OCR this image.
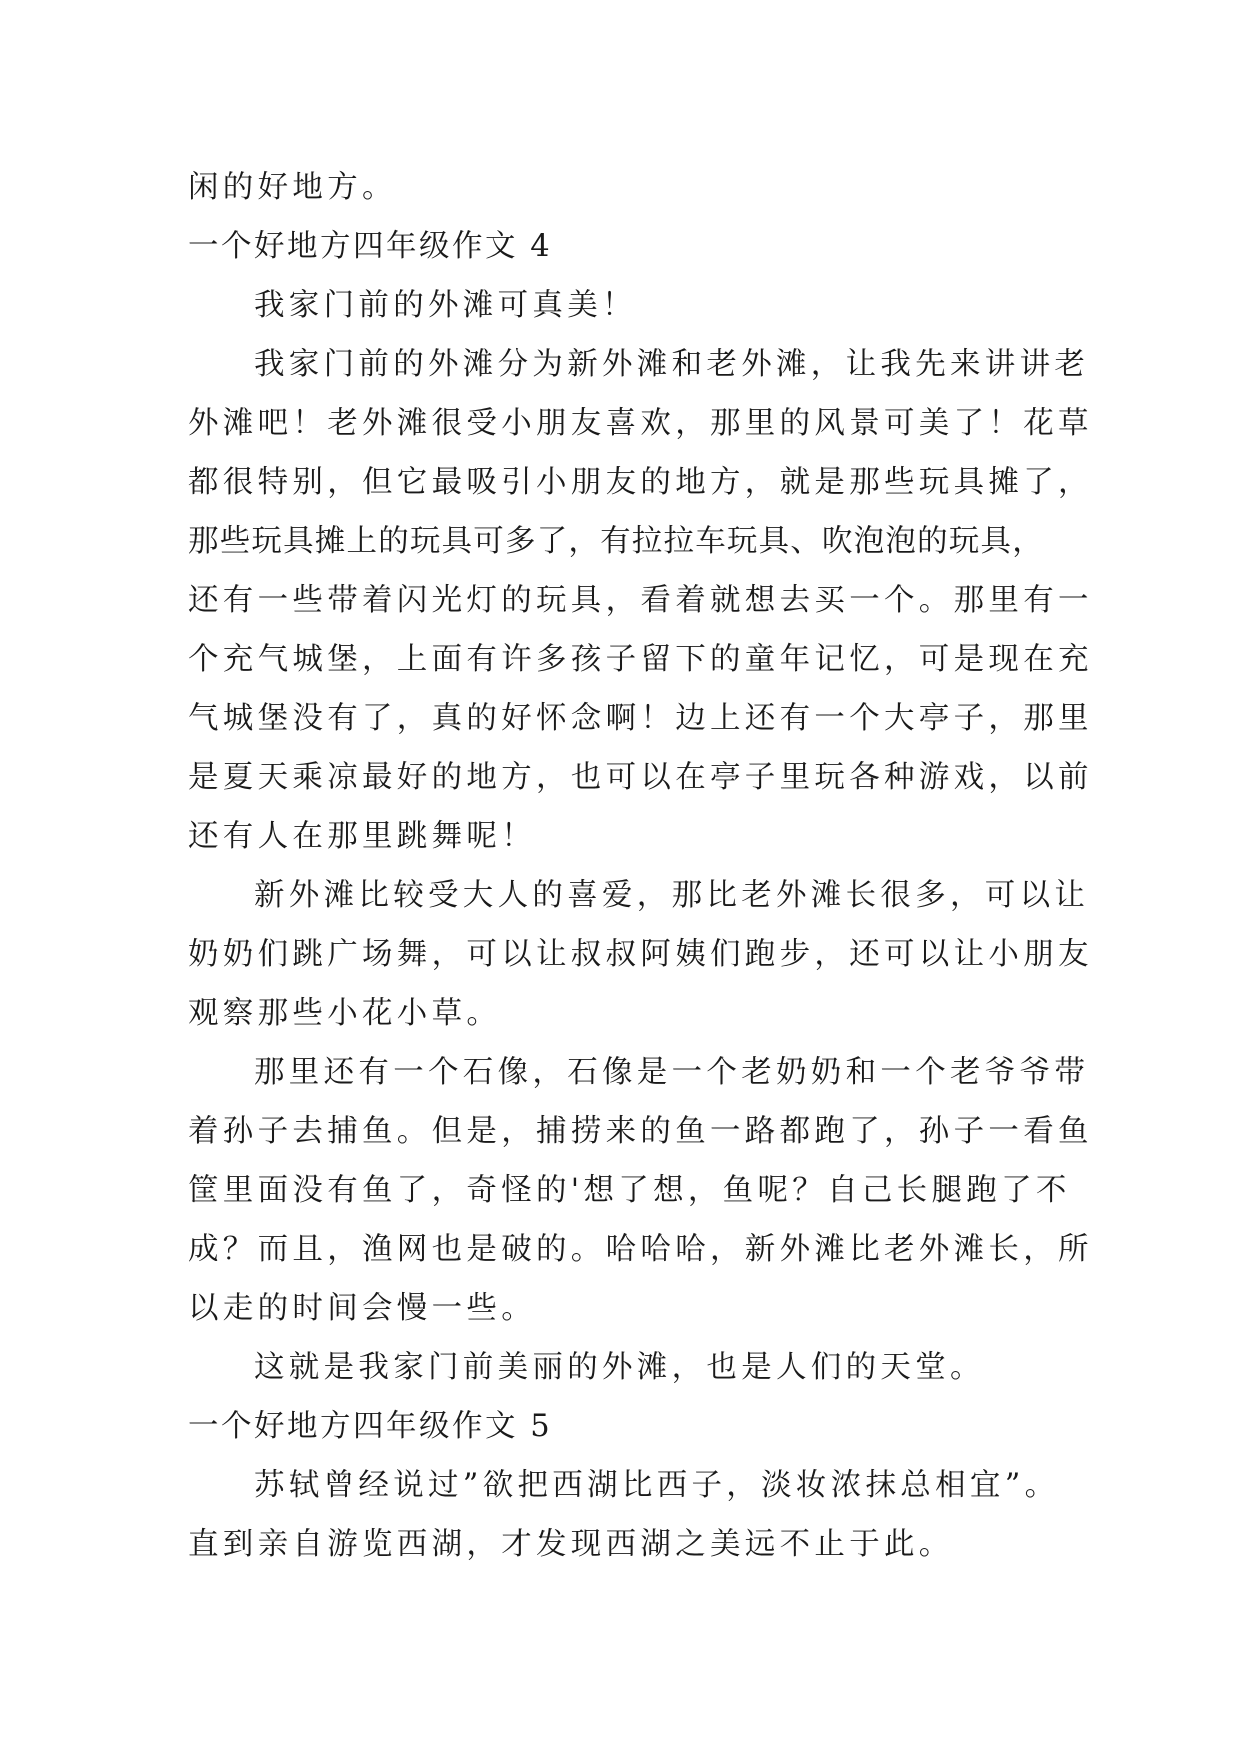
闲的好地方。
一个好地方四年级作文 4
我家门前的外滩可真美！
我家门前的外滩分为新外滩和老外滩，让我先来讲讲老
外滩吧！老外滩很受小朋友喜欢，那里的风景可美了！花草
都很特别，但它最吸引小朋友的地方，就是那些玩具摊了，
那些玩具摊上的玩具可多了，有拉拉车玩具、吹泡泡的玩具，
还有一些带着闪光灯的玩具，看着就想去买一个。那里有一
个充气城堡，上面有许多孩子留下的童年记忆，可是现在充
气城堡没有了，真的好怀念啊！边上还有一个大亭子，那里
是夏天乘凉最好的地方，也可以在亭子里玩各种游戏，以前
还有人在那里跳舞呢！
新外滩比较受大人的喜爱，那比老外滩长很多，可以让
奶奶们跳广场舞，可以让叔叔阿姨们跑步，还可以让小朋友
观察那些小花小草。
那里还有一个石像，石像是一个老奶奶和一个老爷爷带
着孙子去捕鱼。但是，捕捞来的鱼一路都跑了，孙子一看鱼
筐里面没有鱼了，奇怪的'想了想，鱼呢？自己长腿跑了不
成？而且，渔网也是破的。哈哈哈，新外滩比老外滩长，所
以走的时间会慢一些。
这就是我家门前美丽的外滩，也是人们的天堂。
一个好地方四年级作文 5
苏轼曾经说过”欲把西湖比西子，淡妆浓抹总相宜”。
直到亲自游览西湖，才发现西湖之美远不止于此。
